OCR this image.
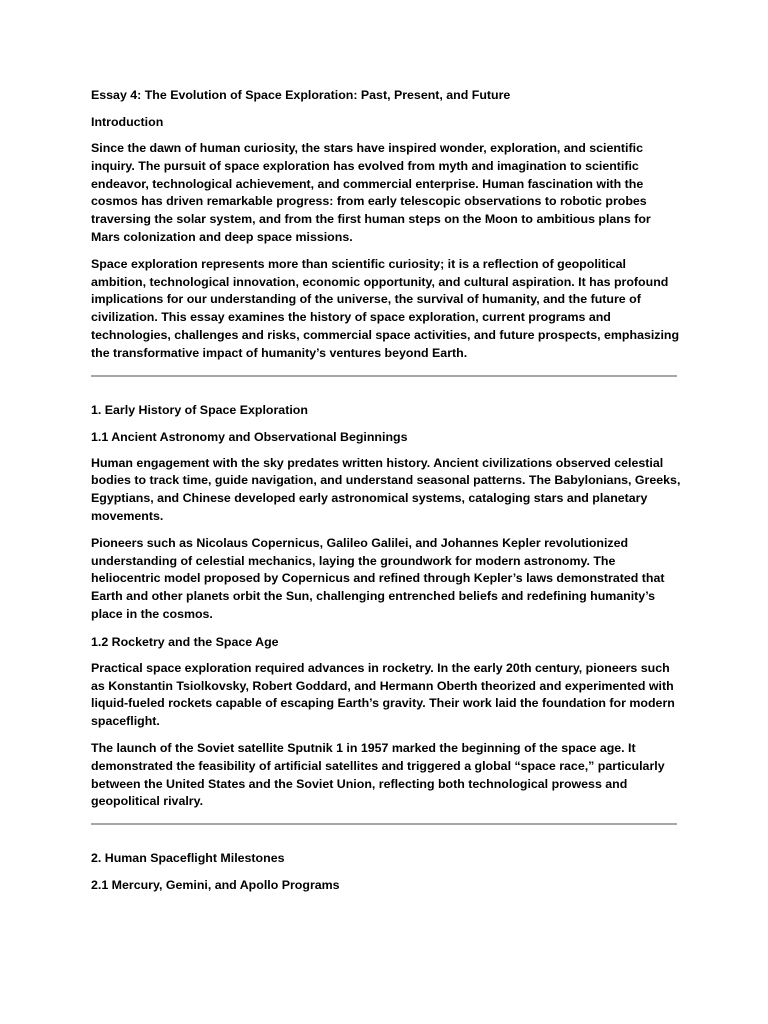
Essay 4: The Evolution of Space Exploration: Past, Present, and Future

Introduction

Since the dawn of human curiosity, the stars have inspired wonder, exploration, and scientific inquiry. The pursuit of space exploration has evolved from myth and imagination to scientific endeavor, technological achievement, and commercial enterprise. Human fascination with the cosmos has driven remarkable progress: from early telescopic observations to robotic probes traversing the solar system, and from the first human steps on the Moon to ambitious plans for Mars colonization and deep space missions.

Space exploration represents more than scientific curiosity; it is a reflection of geopolitical ambition, technological innovation, economic opportunity, and cultural aspiration. It has profound implications for our understanding of the universe, the survival of humanity, and the future of civilization. This essay examines the history of space exploration, current programs and technologies, challenges and risks, commercial space activities, and future prospects, emphasizing the transformative impact of humanity’s ventures beyond Earth.

1. Early History of Space Exploration

1.1 Ancient Astronomy and Observational Beginnings

Human engagement with the sky predates written history. Ancient civilizations observed celestial bodies to track time, guide navigation, and understand seasonal patterns. The Babylonians, Greeks, Egyptians, and Chinese developed early astronomical systems, cataloging stars and planetary movements.

Pioneers such as Nicolaus Copernicus, Galileo Galilei, and Johannes Kepler revolutionized understanding of celestial mechanics, laying the groundwork for modern astronomy. The heliocentric model proposed by Copernicus and refined through Kepler’s laws demonstrated that Earth and other planets orbit the Sun, challenging entrenched beliefs and redefining humanity’s place in the cosmos.

1.2 Rocketry and the Space Age

Practical space exploration required advances in rocketry. In the early 20th century, pioneers such as Konstantin Tsiolkovsky, Robert Goddard, and Hermann Oberth theorized and experimented with liquid-fueled rockets capable of escaping Earth’s gravity. Their work laid the foundation for modern spaceflight.

The launch of the Soviet satellite Sputnik 1 in 1957 marked the beginning of the space age. It demonstrated the feasibility of artificial satellites and triggered a global “space race,” particularly between the United States and the Soviet Union, reflecting both technological prowess and geopolitical rivalry.

2. Human Spaceflight Milestones

2.1 Mercury, Gemini, and Apollo Programs
